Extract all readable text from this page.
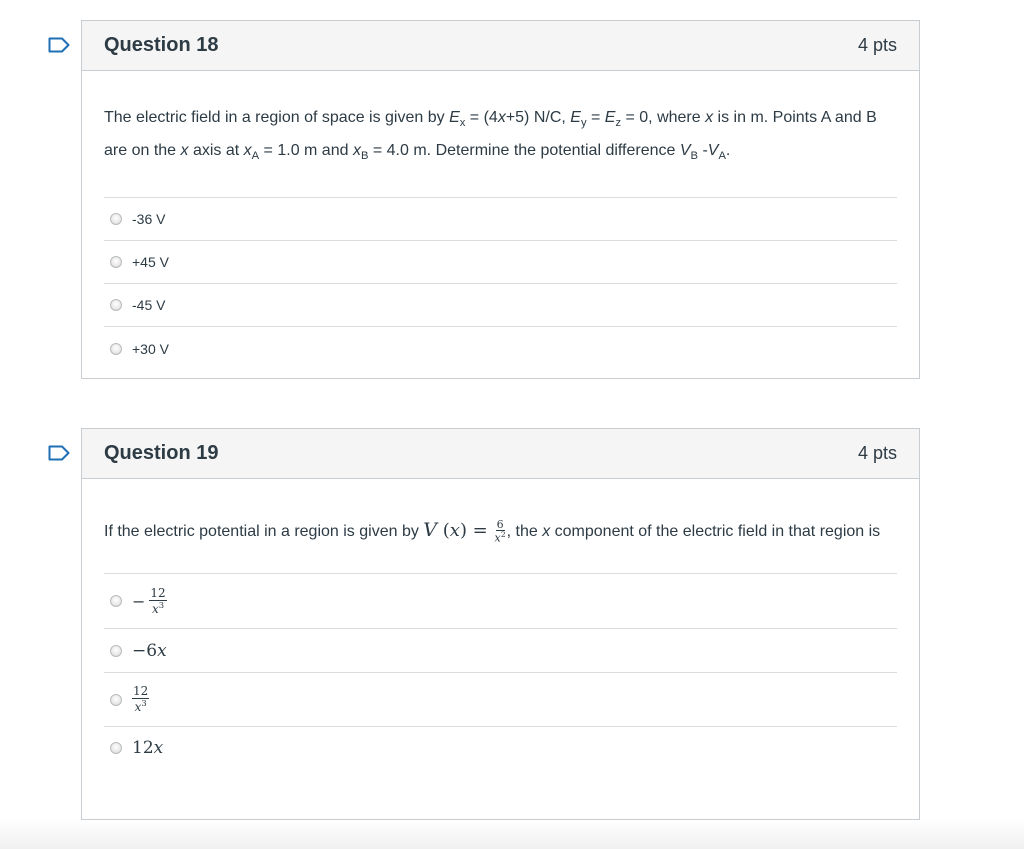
Question 18	4 pts
The electric field in a region of space is given by $E_x = (4x+5)$ N/C, $E_y = E_z = 0$, where x is in m. Points A and B are on the x axis at $x_A = 1.0$ m and $x_B = 4.0$ m. Determine the potential difference $V_B$ $-V_A$.
-36 V
+45 V
-45 V
+30 V
Question 19	4 pts
If the electric potential in a region is given by V $(x) = \frac{6}{x^2}$ , the x component of the electric field in that region is
− $\frac{12}{x^3}$
−6x
$\frac{12}{x^3}$
12x
